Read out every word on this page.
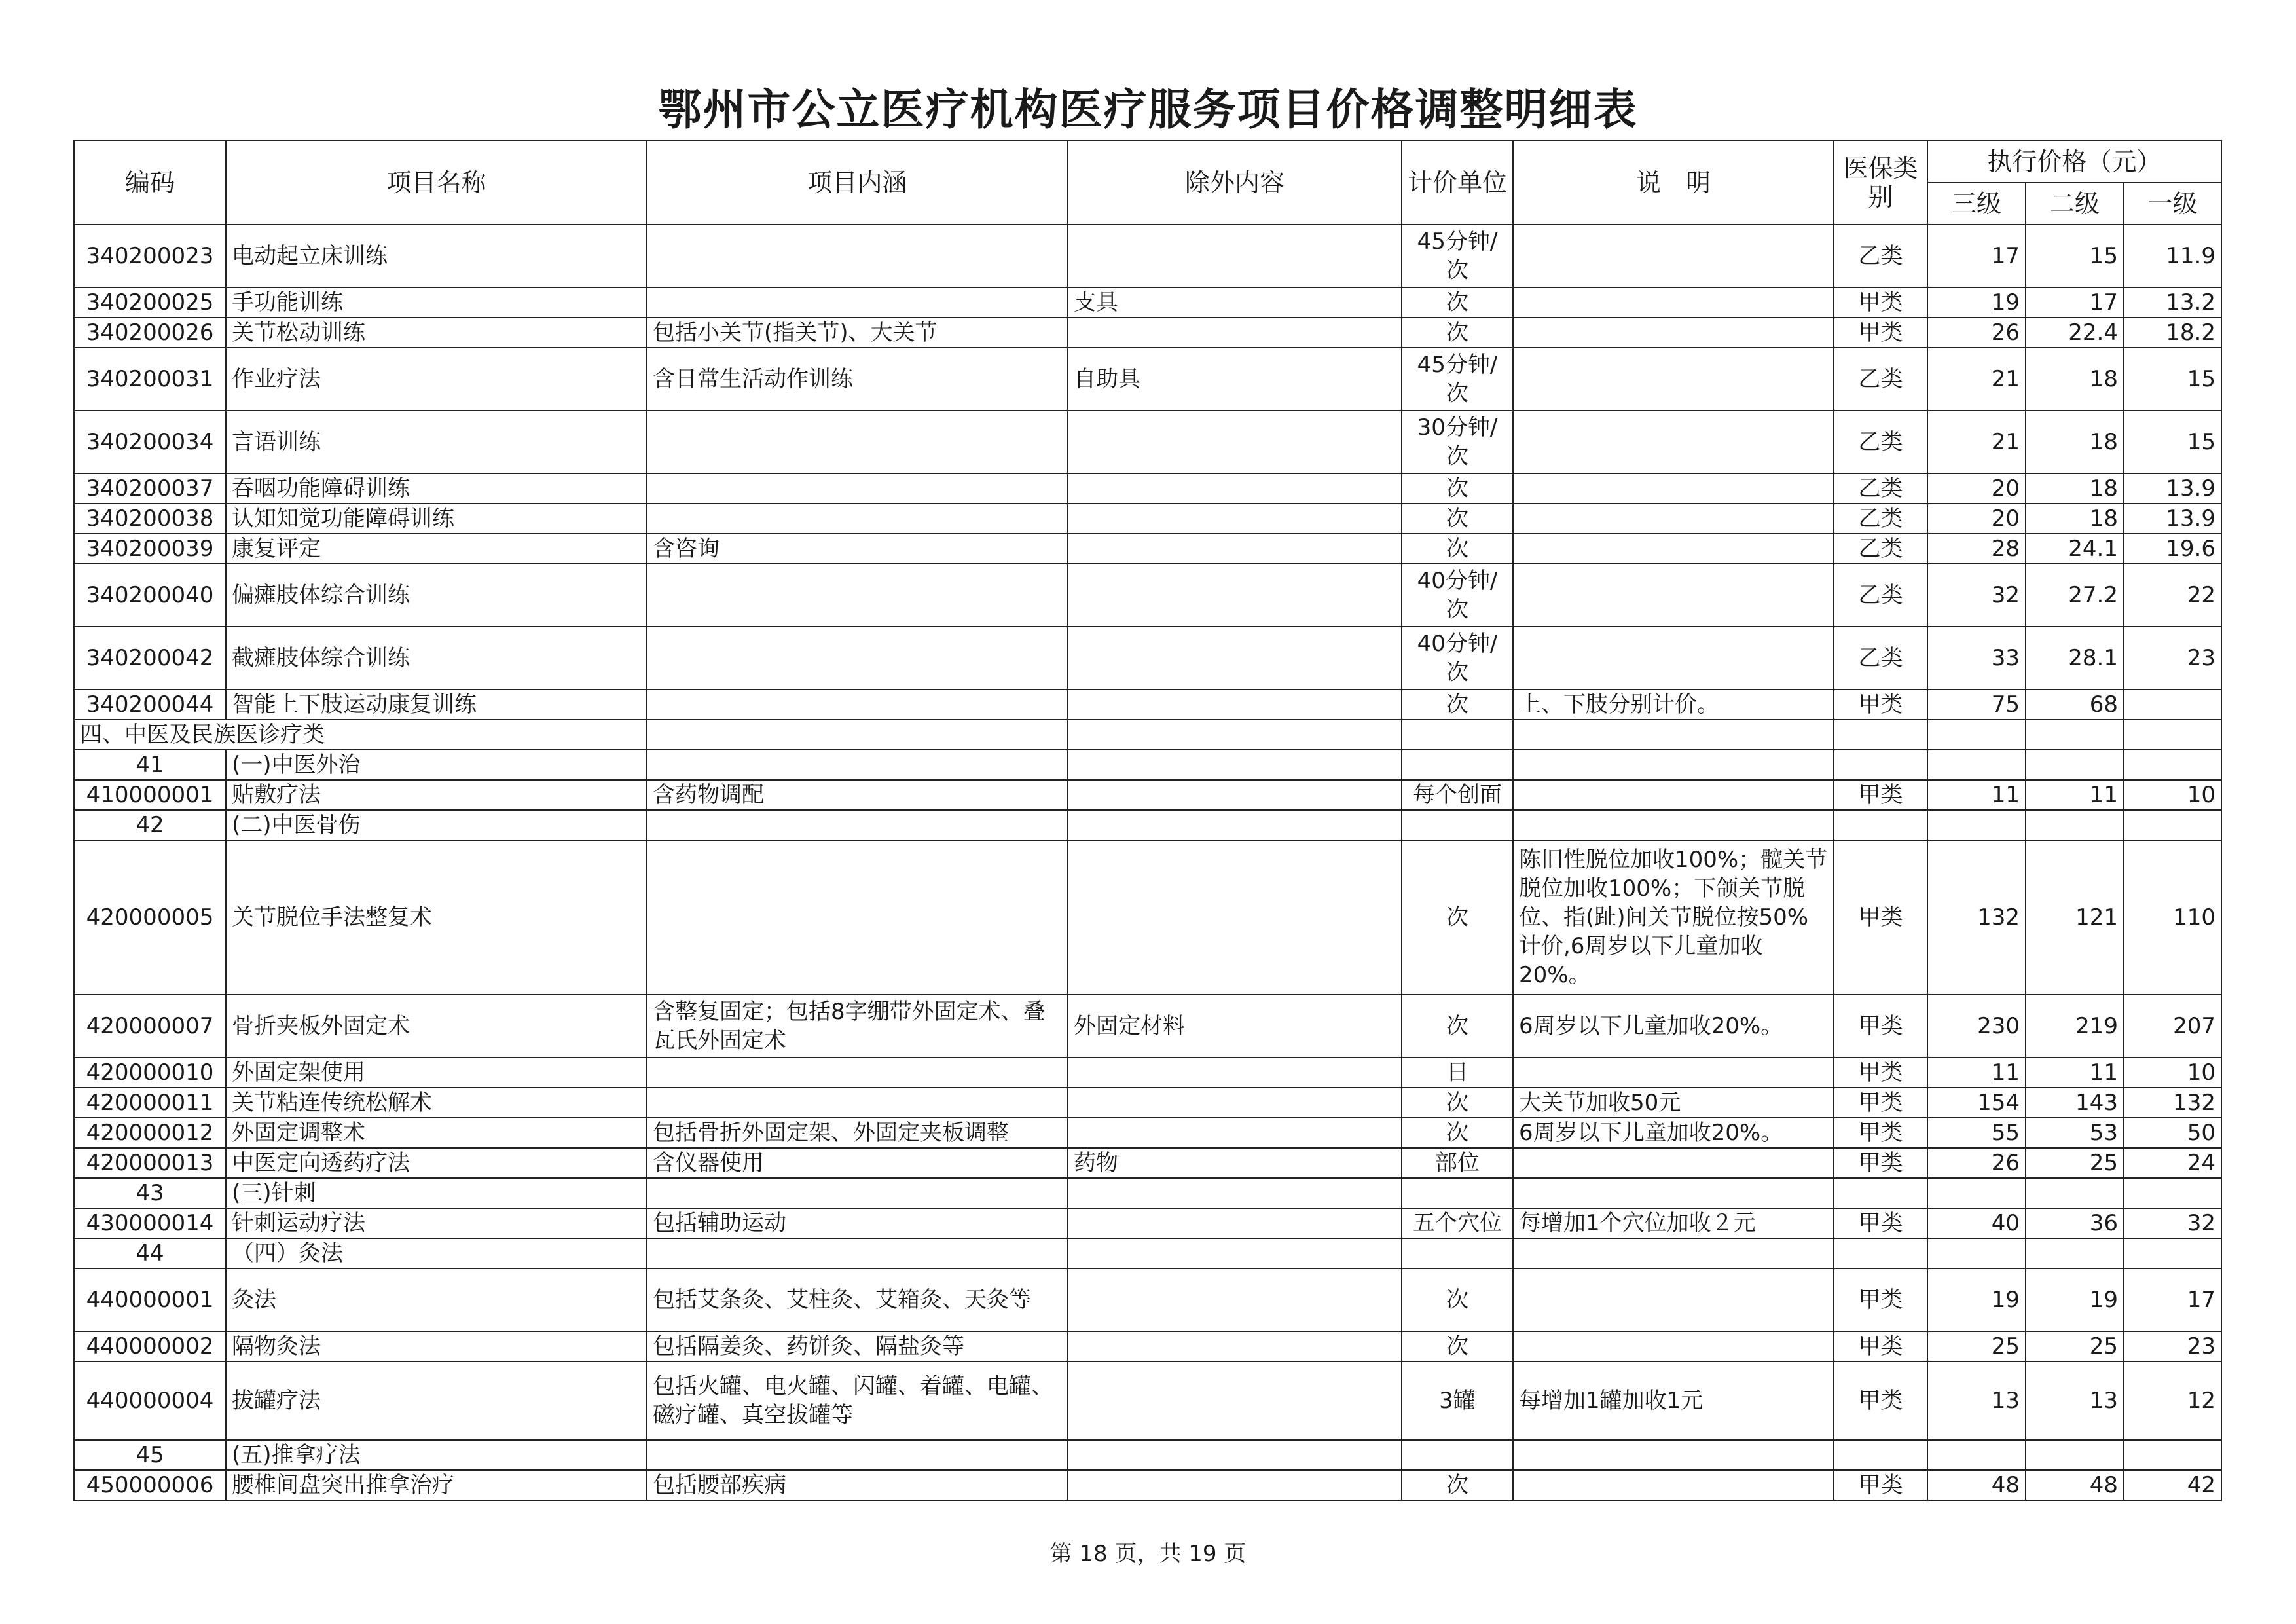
鄂州市公立医疗机构医疗服务项目价格调整明细表
编码	项目名称	项目内涵	除外内容	计价单位	说　明	医保类别	执行价格（元）		
							三级	二级	一级
340200023	电动起立床训练			45分钟/次		乙类	17	15	11.9
340200025	手功能训练		支具	次		甲类	19	17	13.2
340200026	关节松动训练	包括小关节(指关节)、大关节		次		甲类	26	22.4	18.2
340200031	作业疗法	含日常生活动作训练	自助具	45分钟/次		乙类	21	18	15
340200034	言语训练			30分钟/次		乙类	21	18	15
340200037	吞咽功能障碍训练			次		乙类	20	18	13.9
340200038	认知知觉功能障碍训练			次		乙类	20	18	13.9
340200039	康复评定	含咨询		次		乙类	28	24.1	19.6
340200040	偏瘫肢体综合训练			40分钟/次		乙类	32	27.2	22
340200042	截瘫肢体综合训练			40分钟/次		乙类	33	28.1	23
340200044	智能上下肢运动康复训练			次	上、下肢分别计价。	甲类	75	68	
四、中医及民族医诊疗类									
41	(一)中医外治								
410000001	贴敷疗法	含药物调配		每个创面		甲类	11	11	10
42	(二)中医骨伤								
420000005	关节脱位手法整复术			次	陈旧性脱位加收100%；髋关节脱位加收100%；下颌关节脱位、指(趾)间关节脱位按50%计价,6周岁以下儿童加收20%。	甲类	132	121	110
420000007	骨折夹板外固定术	含整复固定；包括8字绷带外固定术、叠瓦氏外固定术	外固定材料	次	6周岁以下儿童加收20%。	甲类	230	219	207
420000010	外固定架使用			日		甲类	11	11	10
420000011	关节粘连传统松解术			次	大关节加收50元	甲类	154	143	132
420000012	外固定调整术	包括骨折外固定架、外固定夹板调整		次	6周岁以下儿童加收20%。	甲类	55	53	50
420000013	中医定向透药疗法	含仪器使用	药物	部位		甲类	26	25	24
43	(三)针刺								
430000014	针刺运动疗法	包括辅助运动		五个穴位	每增加1个穴位加收２元	甲类	40	36	32
44	（四）灸法								
440000001	灸法	包括艾条灸、艾柱灸、艾箱灸、天灸等		次		甲类	19	19	17
440000002	隔物灸法	包括隔姜灸、药饼灸、隔盐灸等		次		甲类	25	25	23
440000004	拔罐疗法	包括火罐、电火罐、闪罐、着罐、电罐、磁疗罐、真空拔罐等		3罐	每增加1罐加收1元	甲类	13	13	12
45	(五)推拿疗法								
450000006	腰椎间盘突出推拿治疗	包括腰部疾病		次		甲类	48	48	42
第 18 页，共 19 页
